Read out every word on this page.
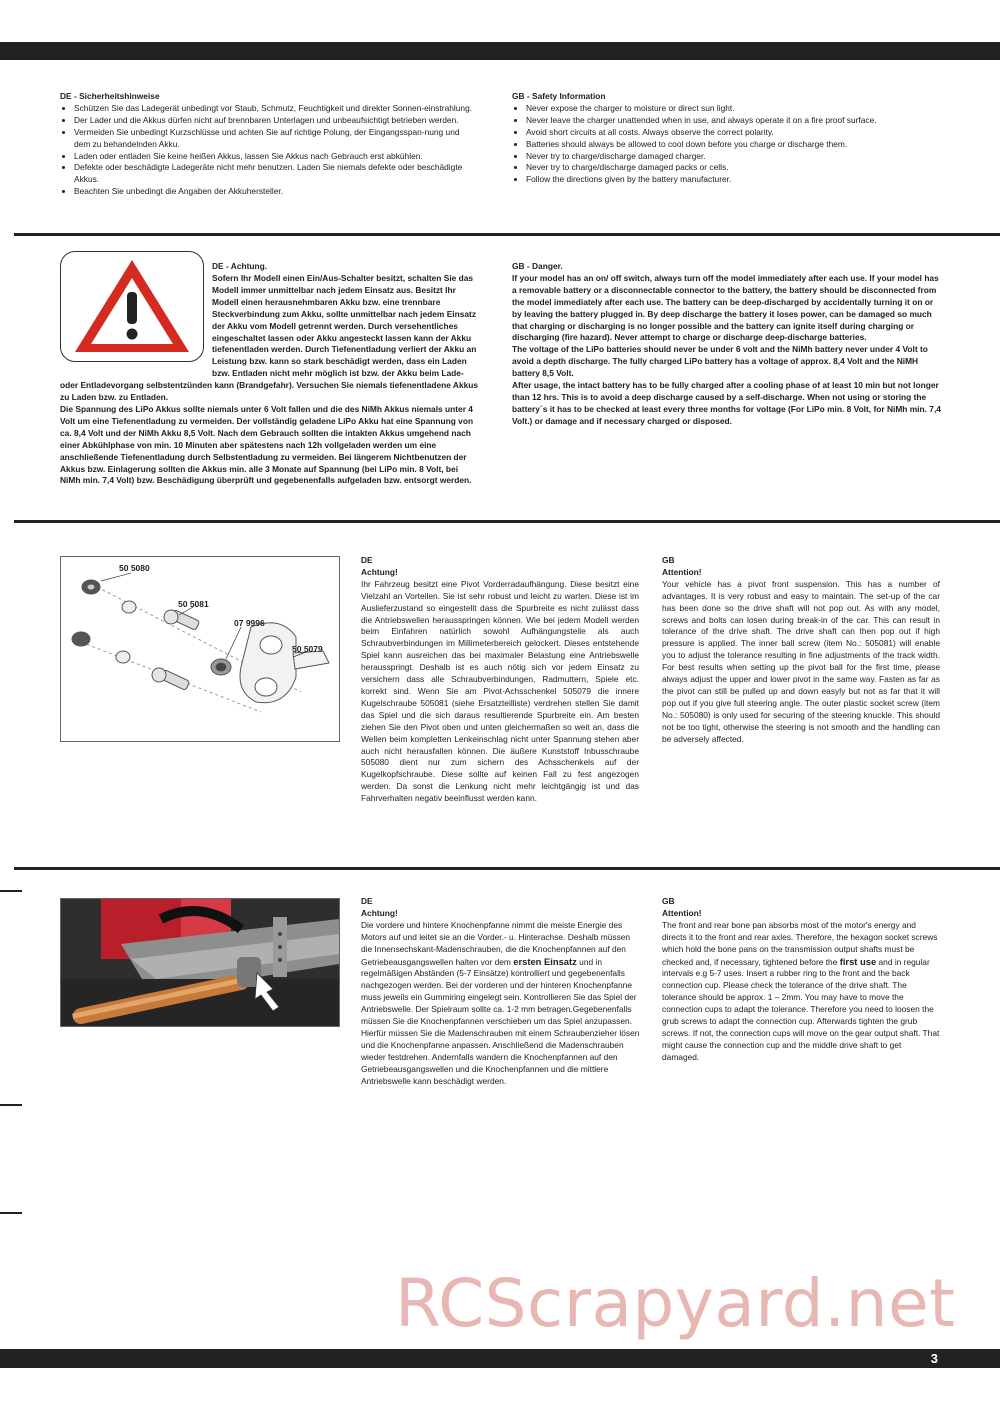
DE - Sicherheitshinweise
• Schützen Sie das Ladegerät unbedingt vor Staub, Schmutz, Feuchtigkeit und direkter Sonnen-einstrahlung.
• Der Lader und die Akkus dürfen nicht auf brennbaren Unterlagen und unbeaufsichtigt betrieben werden.
• Vermeiden Sie unbedingt Kurzschlüsse und achten Sie auf richtige Polung, der Eingangsspan-nung und dem zu behandelnden Akku.
• Laden oder entladen Sie keine heißen Akkus, lassen Sie Akkus nach Gebrauch erst abkühlen.
• Defekte oder beschädigte Ladegeräte nicht mehr benutzen. Laden Sie niemals defekte oder beschädigte Akkus.
• Beachten Sie unbedingt die Angaben der Akkuhersteller.
GB - Safety Information
• Never expose the charger to moisture or direct sun light.
• Never leave the charger unattended when in use, and always operate it on a fire proof surface.
• Avoid short circuits at all costs. Always observe the correct polarity.
• Batteries should always be allowed to cool down before you charge or discharge them.
• Never try to charge/discharge damaged charger.
• Never try to charge/discharge damaged packs or cells.
• Follow the directions given by the battery manufacturer.
DE - Achtung.

Sofern Ihr Modell einen Ein/Aus-Schalter besitzt, schalten Sie das Modell immer unmittelbar nach jedem Einsatz aus. Besitzt Ihr Modell einen herausnehmbaren Akku bzw. eine trennbare Steckverbindung zum Akku, sollte unmittelbar nach jedem Einsatz der Akku vom Modell getrennt werden. Durch versehentliches eingeschaltet lassen oder Akku angesteckt lassen kann der Akku tiefenentladen werden. Durch Tiefenentladung verliert der Akku an Leistung bzw. kann so stark beschädigt werden, dass ein Laden bzw. Entladen nicht mehr möglich ist bzw. der Akku beim Lade- oder Entladevorgang selbstentzünden kann (Brandgefahr). Versuchen Sie niemals tiefenentladene Akkus zu Laden bzw. zu Entladen.

Die Spannung des LiPo Akkus sollte niemals unter 6 Volt fallen und die des NiMh Akkus niemals unter 4 Volt um eine Tiefenentladung zu vermeiden. Der vollständig geladene LiPo Akku hat eine Spannung von ca. 8,4 Volt und der NiMh Akku 8,5 Volt. Nach dem Gebrauch sollten die intakten Akkus umgehend nach einer Abkühlphase von min. 10 Minuten aber spätestens nach 12h vollgeladen werden um eine anschließende Tiefenentladung durch Selbstentladung zu vermeiden. Bei längerem Nichtbenutzen der Akkus bzw. Einlagerung sollten die Akkus min. alle 3 Monate auf Spannung (bei LiPo min. 8 Volt, bei NiMh min. 7,4 Volt) bzw. Beschädigung überprüft und gegebenenfalls aufgeladen bzw. entsorgt werden.

GB - Danger.

If your model has an on/ off switch, always turn off the model immediately after each use. If your model has a removable battery or a disconnectable connector to the battery, the battery should be disconnected from the model immediately after each use. The battery can be deep-discharged by accidentally turning it on or by leaving the battery plugged in. By deep discharge the battery it loses power, can be damaged so much that charging or discharging is no longer possible and the battery can ignite itself during charging or discharging (fire hazard). Never attempt to charge or discharge deep-discharge batteries.

The voltage of the LiPo batteries should never be under 6 volt and the NiMh battery never under 4 Volt to avoid a depth discharge. The fully charged LiPo battery has a voltage of approx. 8,4 Volt and the NiMH battery 8,5 Volt.

After usage, the intact battery has to be fully charged after a cooling phase of at least 10 min but not longer than 12 hrs. This is to avoid a deep discharge caused by a self-discharge. When not using or storing the battery´s it has to be checked at least every three months for voltage (For LiPo min. 8 Volt, for NiMh min. 7,4 Volt.) or damage and if necessary charged or disposed.

50 5080
50 5081
07 9996
50 5079

DE

Achtung!

Ihr Fahrzeug besitzt eine Pivot Vorderradaufhängung. Diese besitzt eine Vielzahl an Vorteilen. Sie ist sehr robust und leicht zu warten. Diese ist im Auslieferzustand so eingestellt dass die Spurbreite es nicht zulässt dass die Antriebswellen herausspringen können. Wie bei jedem Modell werden beim Einfahren natürlich sowohl Aufhängungsteile als auch Schraubverbindungen im Millimeterbereich gelockert. Dieses entstehende Spiel kann ausreichen das bei maximaler Belastung eine Antriebswelle herausspringt. Deshalb ist es auch nötig sich vor jedem Einsatz zu versichern dass alle Schraubverbindungen, Radmuttern, Spiele etc. korrekt sind. Wenn Sie am Pivot-Achsschenkel 505079 die innere Kugelschraube 505081 (siehe Ersatzteilliste) verdrehen stellen Sie damit das Spiel und die sich daraus resultierende Spurbreite ein. Am besten ziehen Sie den Pivot oben und unten gleichermaßen so weit an, dass die Wellen beim kompletten Lenkeinschlag nicht unter Spannung stehen aber auch nicht herausfallen können. Die äußere Kunststoff Inbusschraube 505080 dient nur zum sichern des Achsschenkels auf der Kugelkopfschraube. Diese sollte auf keinen Fall zu fest angezogen werden. Da sonst die Lenkung nicht mehr leichtgängig ist und das Fahrverhalten negativ beeinflusst werden kann.

GB

Attention!

Your vehicle has a pivot front suspension. This has a number of advantages. It is very robust and easy to maintain. The set-up of the car has been done so the drive shaft will not pop out. As with any model, screws and bolts can losen during break-in of the car. This can result in tolerance of the drive shaft. The drive shaft can then pop out if high pressure is applied. The inner ball screw (item No.: 505081) will enable you to adjust the tolerance resulting in fine adjustments of the track width. For best results when setting up the pivot ball for the first time, please always adjust the upper and lower pivot in the same way. Fasten as far as the pivot can still be pulled up and down easyly but not as far that it will pop out if you give full steering angle. The outer plastic socket screw (item No.: 505080) is only used for securing of the steering knuckle. This should not be too tight, otherwise the steering is not smooth and the handling can be adversely affected.

DE

Achtung!

Die vordere und hintere Knochenpfanne nimmt die meiste Energie des Motors auf und leitet sie an die Vorder.- u. Hinterachse. Deshalb müssen die Innensechskant-Madenschrauben, die die Knochenpfannen auf den Getriebeausgangswellen halten vor dem ersten Einsatz und in regelmäßigen Abständen (5-7 Einsätze) kontrolliert und gegebenenfalls nachgezogen werden. Bei der vorderen und der hinteren Knochenpfanne muss jeweils ein Gummiring eingelegt sein. Kontrollieren Sie das Spiel der Antriebswelle. Der Spielraum sollte ca. 1-2 mm betragen.Gegebenenfalls müssen Sie die Knochenpfannen verschieben um das Spiel anzupassen. Hierfür müssen Sie die Madenschrauben mit einem Schraubenzieher lösen und die Knochenpfanne anpassen. Anschließend die Madenschrauben wieder festdrehen. Andernfalls wandern die Knochenpfannen auf den Getriebeausgangswellen und die Knochenpfannen und die mittlere Antriebswelle kann beschädigt werden.

GB

Attention!

The front and rear bone pan absorbs most of the motor's energy and directs it to the front and rear axles. Therefore, the hexagon socket screws which hold the bone pans on the transmission output shafts must be checked and, if necessary, tightened before the first use and in regular intervals e.g 5-7 uses. Insert a rubber ring to the front and the back connection cup. Please check the tolerance of the drive shaft. The tolerance should be approx. 1 – 2mm. You may have to move the connection cups to adapt the tolerance. Therefore you need to loosen the grub screws to adapt the connection cup. Afterwards tighten the grub screws. If not, the connection cups will move on the gear output shaft. That might cause the connection cup and the middle drive shaft to get damaged.

RCScrapyard.net
3
